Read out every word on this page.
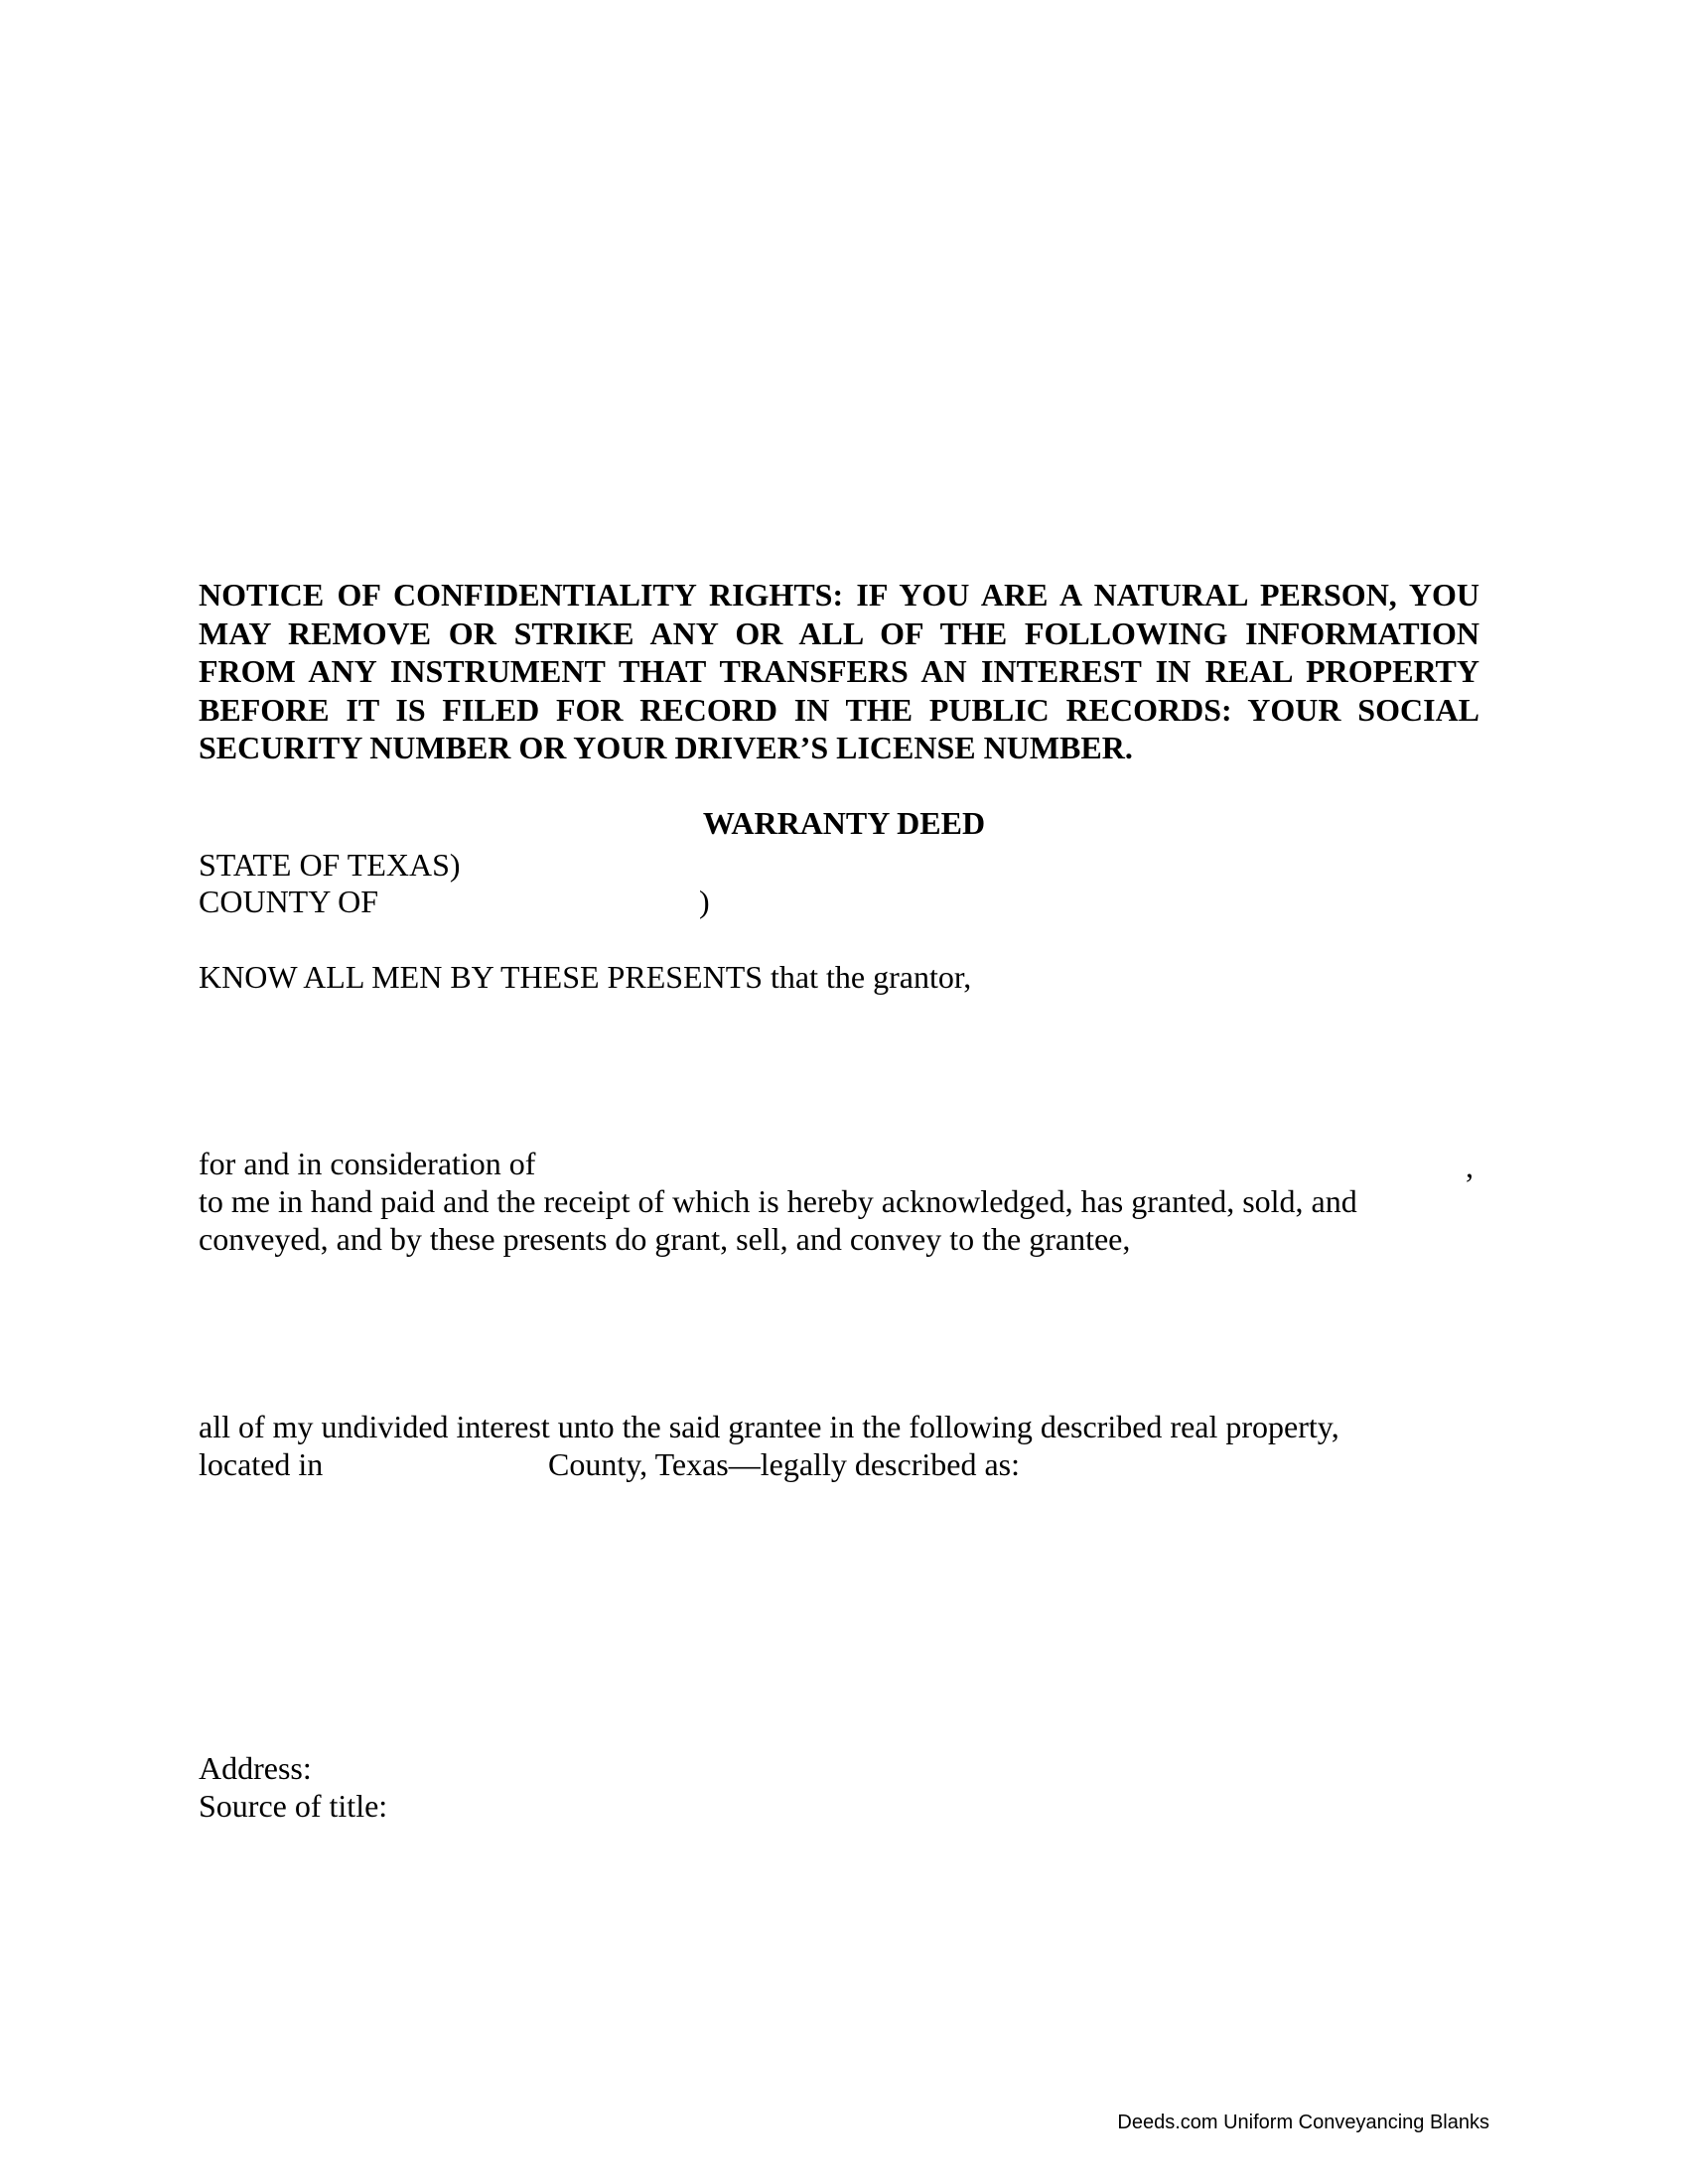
NOTICE OF CONFIDENTIALITY RIGHTS: IF YOU ARE A NATURAL PERSON, YOU MAY REMOVE OR STRIKE ANY OR ALL OF THE FOLLOWING INFORMATION FROM ANY INSTRUMENT THAT TRANSFERS AN INTEREST IN REAL PROPERTY BEFORE IT IS FILED FOR RECORD IN THE PUBLIC RECORDS: YOUR SOCIAL SECURITY NUMBER OR YOUR DRIVER’S LICENSE NUMBER.
WARRANTY DEED
STATE OF TEXAS)
COUNTY OF	)
KNOW ALL MEN BY THESE PRESENTS that the grantor,
for and in consideration of	,
to me in hand paid and the receipt of which is hereby acknowledged, has granted, sold, and
conveyed, and by these presents do grant, sell, and convey to the grantee,
all of my undivided interest unto the said grantee in the following described real property,
located in	County, Texas—legally described as:
Address:
Source of title:
Deeds.com Uniform Conveyancing Blanks
